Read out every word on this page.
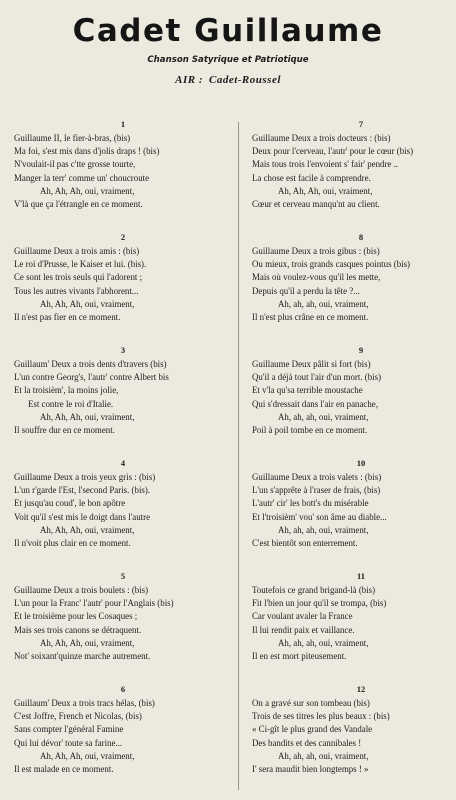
Cadet Guillaume
Chanson Satyrique et Patriotique
AIR : Cadet-Roussel
1
Guillaume II, le fier-à-bras, (bis)
Ma foi, s'est mis dans d'jolis draps ! (bis)
N'voulait-il pas c'tte grosse tourte,
Manger la terr' comme un' choucroute
Ah, Ah, Ah, oui, vraiment,
V'là que ça l'étrangle en ce moment.
2
Guillaume Deux a trois amis : (bis)
Le roi d'Prusse, le Kaiser et lui. (bis).
Ce sont les trois seuls qui l'adorent ;
Tous les autres vivants l'abhorent...
Ah, Ah, Ah, oui, vraiment,
Il n'est pas fier en ce moment.
3
Guillaum' Deux a trois dents d'travers (bis)
L'un contre Georg's, l'autr' contre Albert bis
Et la troisièm', la moins jolie,
Est contre le roi d'Italie.
Ah, Ah, Ah, oui, vraiment,
Il souffre dur en ce moment.
4
Guillaume Deux a trois yeux gris : (bis)
L'un r'garde l'Est, l'second Paris. (bis).
Et jusqu'au coud', le bon apôtre
Voit qu'il s'est mis le doigt dans l'autre
Ah, Ah, Ah, oui, vraiment,
Il n'voit plus clair en ce moment.
5
Guillaume Deux a trois boulets : (bis)
L'un pour la Franc' l'autr' pour l'Anglais (bis)
Et le troisième pour les Cosaques ;
Mais ses trois canons se détraquent.
Ah, Ah, Ah, oui, vraiment,
Not' soixant'quinze marche autrement.
6
Guillaum' Deux a trois tracs hélas, (bis)
C'est Joffre, French et Nicolas, (bis)
Sans compter l'général Famine
Qui lui dévor' toute sa farine...
Ah, Ah, Ah, oui, vraiment,
Il est malade en ce moment.
7
Guillaume Deux a trois docteurs : (bis)
Deux pour l'cerveau, l'autr' pour le cœur (bis)
Mais tous trois l'envoient s' fair' pendre ..
La chose est facile à comprendre.
Ah, Ah, Ah, oui, vraiment,
Cœur et cerveau manqu'nt au client.
8
Guillaume Deux a trois gibus : (bis)
Ou mieux, trois grands casques pointus (bis)
Mais où voulez-vous qu'il les mette,
Depuis qu'il a perdu la tête ?...
Ah, ah, ah, oui, vraiment,
Il n'est plus crâne en ce moment.
9
Guillaume Deux pâlit si fort (bis)
Qu'il a déjà tout l'air d'un mort. (bis)
Et v'la qu'sa terrible moustache
Qui s'dressait dans l'air en panache,
Ah, ah, ah, oui, vraiment,
Poil à poil tombe en ce moment.
10
Guillaume Deux a trois valets : (bis)
L'un s'apprête à l'raser de frais, (bis)
L'autr' cir' les bott's du misérable
Et l'troisièm' vou' son âme au diable...
Ah, ah, ah, oui, vraiment,
C'est bientôt son enterrement.
11
Toutefois ce grand brigand-là (bis)
Fit l'bien un jour qu'il se trompa, (bis)
Car voulant avaler la France
Il lui rendit paix et vaillance.
Ah, ah, ah, oui, vraiment,
Il en est mort piteusement.
12
On a gravé sur son tombeau (bis)
Trois de ses titres les plus beaux : (bis)
« Ci-gît le plus grand des Vandale
Des bandits et des cannibales !
Ah, ah, ah, oui, vraiment,
I' sera maudit bien longtemps ! »
